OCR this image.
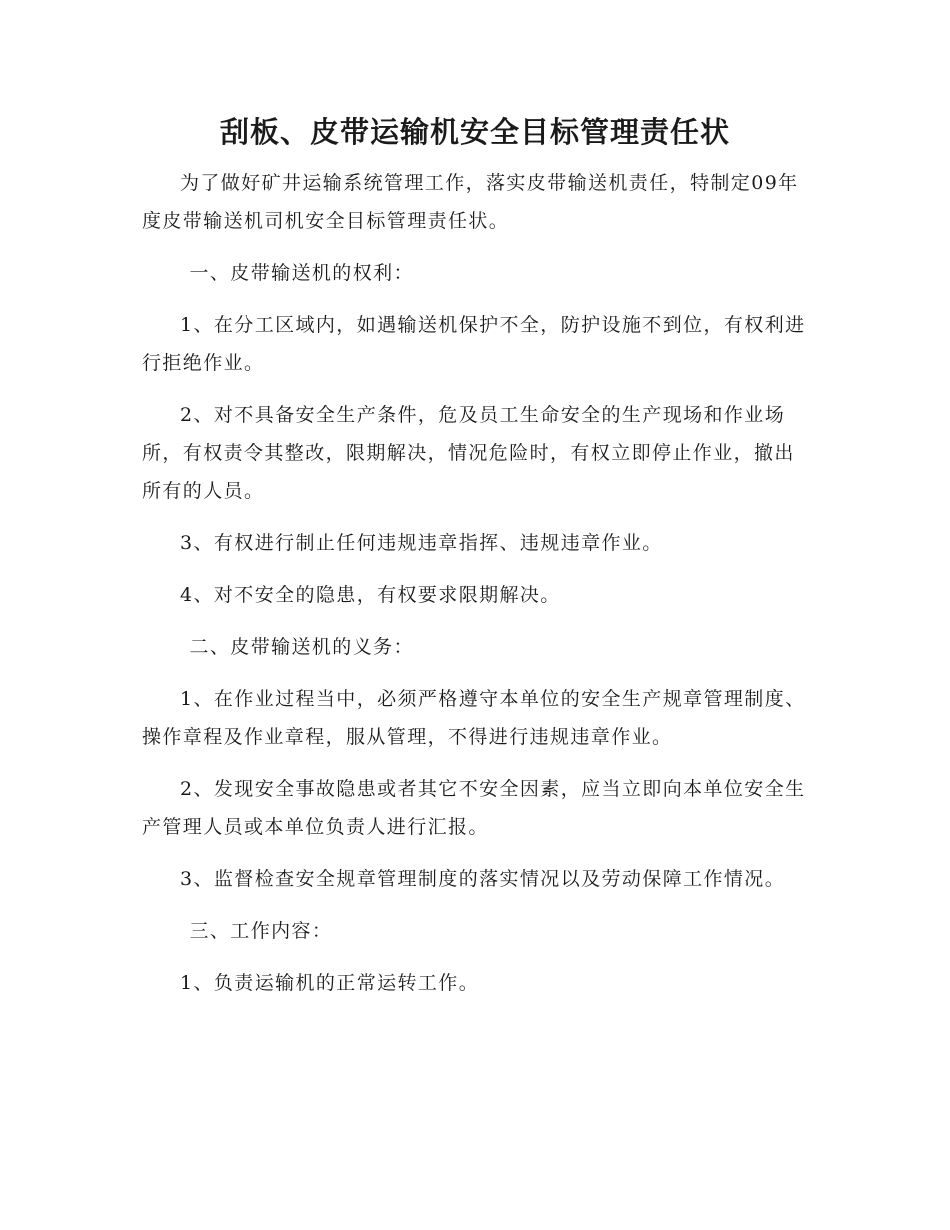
刮板、皮带运输机安全目标管理责任状

为了做好矿井运输系统管理工作，落实皮带输送机责任，特制定09年度皮带输送机司机安全目标管理责任状。

一、皮带输送机的权利：

1、在分工区域内，如遇输送机保护不全，防护设施不到位，有权利进行拒绝作业。

2、对不具备安全生产条件，危及员工生命安全的生产现场和作业场所，有权责令其整改，限期解决，情况危险时，有权立即停止作业，撤出所有的人员。

3、有权进行制止任何违规违章指挥、违规违章作业。

4、对不安全的隐患，有权要求限期解决。

二、皮带输送机的义务：

1、在作业过程当中，必须严格遵守本单位的安全生产规章管理制度、操作章程及作业章程，服从管理，不得进行违规违章作业。

2、发现安全事故隐患或者其它不安全因素，应当立即向本单位安全生产管理人员或本单位负责人进行汇报。

3、监督检查安全规章管理制度的落实情况以及劳动保障工作情况。

三、工作内容：

1、负责运输机的正常运转工作。
